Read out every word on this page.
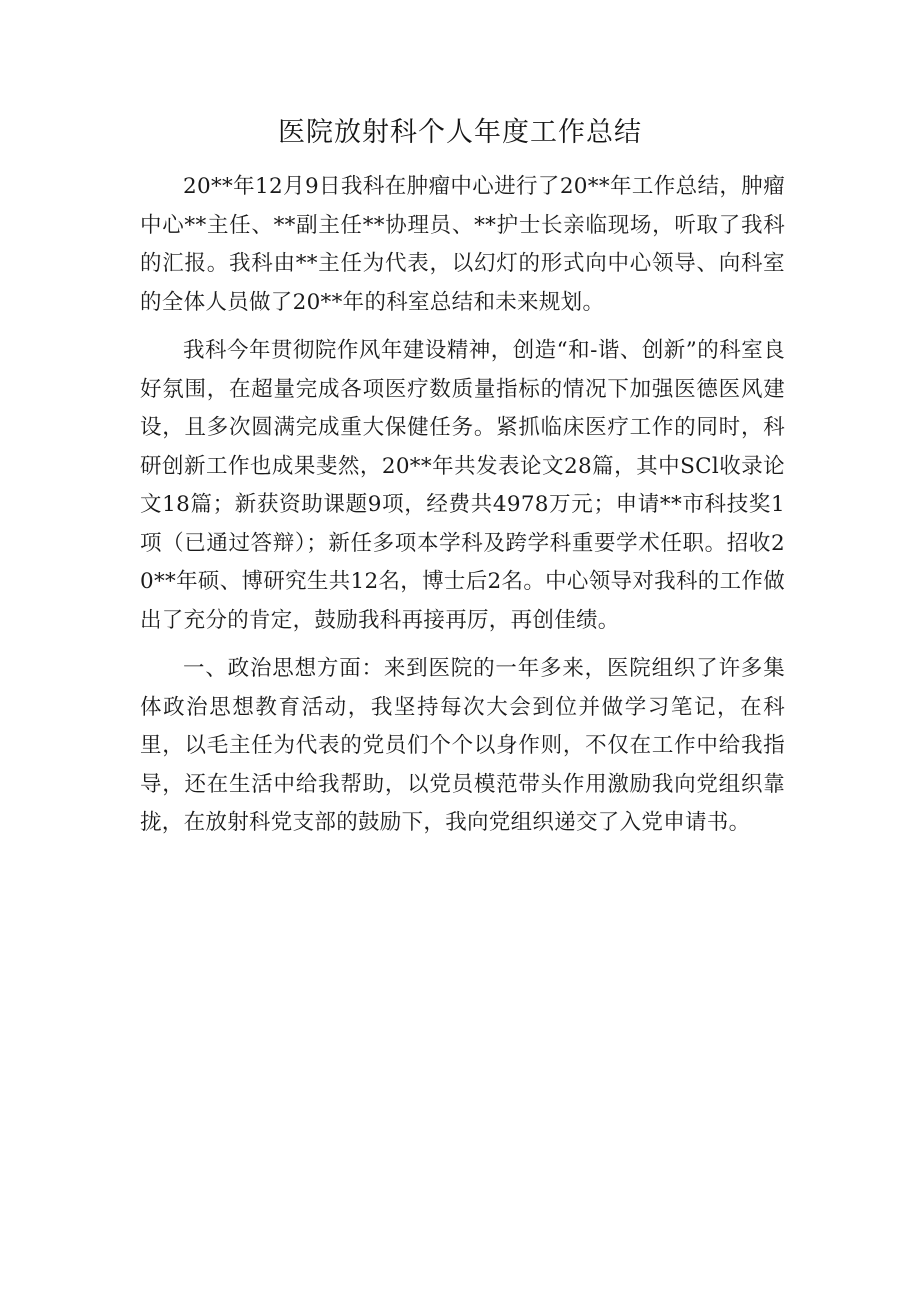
医院放射科个人年度工作总结

20**年12月9日我科在肿瘤中心进行了20**年工作总结，肿瘤中心**主任、**副主任**协理员、**护士长亲临现场，听取了我科的汇报。我科由**主任为代表，以幻灯的形式向中心领导、向科室的全体人员做了20**年的科室总结和未来规划。

我科今年贯彻院作风年建设精神，创造“和-谐、创新”的科室良好氛围，在超量完成各项医疗数质量指标的情况下加强医德医风建设，且多次圆满完成重大保健任务。紧抓临床医疗工作的同时，科研创新工作也成果斐然，20**年共发表论文28篇，其中SCl收录论文18篇；新获资助课题9项，经费共4978万元；申请**市科技奖1项（已通过答辩）；新任多项本学科及跨学科重要学术任职。招收20**年硕、博研究生共12名，博士后2名。中心领导对我科的工作做出了充分的肯定，鼓励我科再接再厉，再创佳绩。

一、政治思想方面：来到医院的一年多来，医院组织了许多集体政治思想教育活动，我坚持每次大会到位并做学习笔记，在科里，以毛主任为代表的党员们个个以身作则，不仅在工作中给我指导，还在生活中给我帮助，以党员模范带头作用激励我向党组织靠拢，在放射科党支部的鼓励下，我向党组织递交了入党申请书。
